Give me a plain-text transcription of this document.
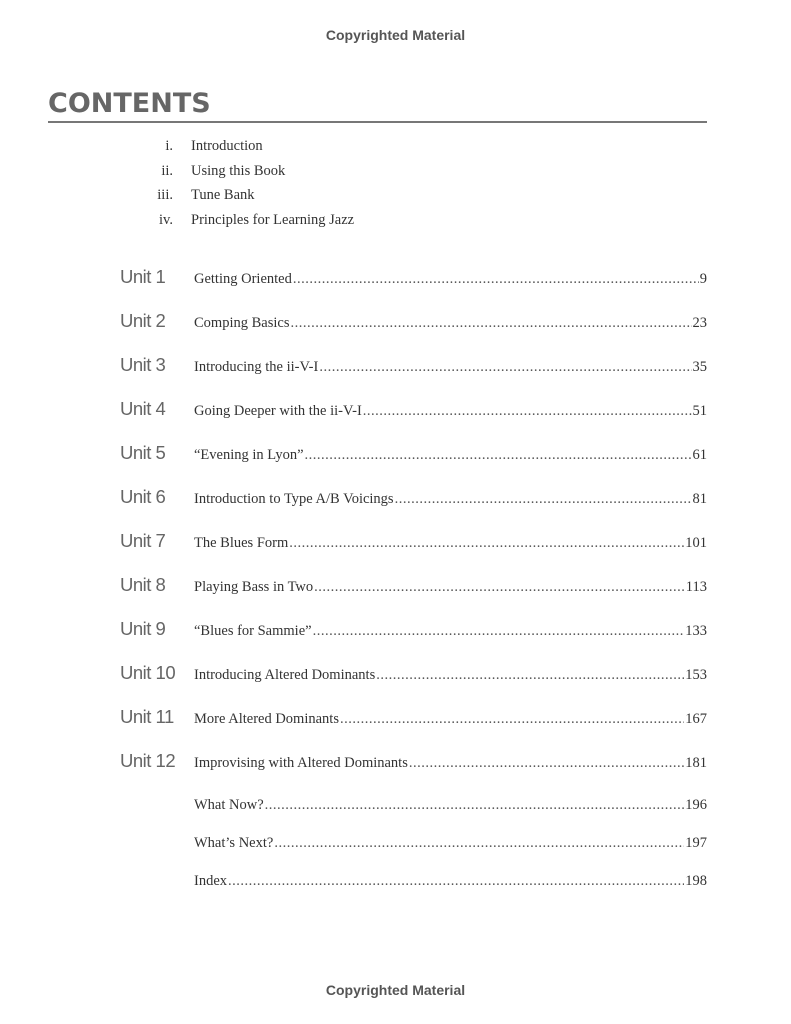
Copyrighted Material
CONTENTS
i.	Introduction
ii.	Using this Book
iii.	Tune Bank
iv.	Principles for Learning Jazz
Unit 1	Getting Oriented .....	9
Unit 2	Comping Basics .....	23
Unit 3	Introducing the ii-V-I .....	35
Unit 4	Going Deeper with the ii-V-I .....	51
Unit 5	“Evening in Lyon” .....	61
Unit 6	Introduction to Type A/B Voicings .....	81
Unit 7	The Blues Form .....	101
Unit 8	Playing Bass in Two .....	113
Unit 9	“Blues for Sammie” .....	133
Unit 10	Introducing Altered Dominants .....	153
Unit 11	More Altered Dominants .....	167
Unit 12	Improvising with Altered Dominants .....	181
What Now? .....	196
What’s Next? .....	197
Index .....	198
Copyrighted Material
